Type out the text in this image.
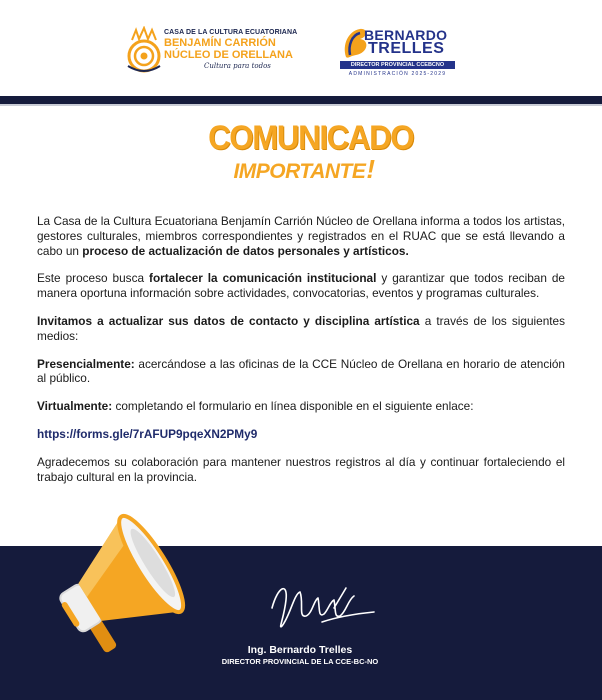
CASA DE LA CULTURA ECUATORIANA
BENJAMÍN CARRIÓN
NÚCLEO DE ORELLANA
Cultura para todos
BERNARDO
TRELLES
DIRECTOR PROVINCIAL CCEBCNO
ADMINISTRACIÓN 2025-2029
COMUNICADO
IMPORTANTE!

La Casa de la Cultura Ecuatoriana Benjamín Carrión Núcleo de Orellana informa a todos los artistas, gestores culturales, miembros correspondientes y registrados en el RUAC que se está llevando a cabo un proceso de actualización de datos personales y artísticos.

Este proceso busca fortalecer la comunicación institucional y garantizar que todos reciban de manera oportuna información sobre actividades, convocatorias, eventos y programas culturales.

Invitamos a actualizar sus datos de contacto y disciplina artística a través de los siguientes medios:

Presencialmente: acercándose a las oficinas de la CCE Núcleo de Orellana en horario de atención al público.

Virtualmente: completando el formulario en línea disponible en el siguiente enlace:

https://forms.gle/7rAFUP9pqeXN2PMy9

Agradecemos su colaboración para mantener nuestros registros al día y continuar fortaleciendo el trabajo cultural en la provincia.

Ing. Bernardo Trelles
DIRECTOR PROVINCIAL DE LA CCE-BC-NO
